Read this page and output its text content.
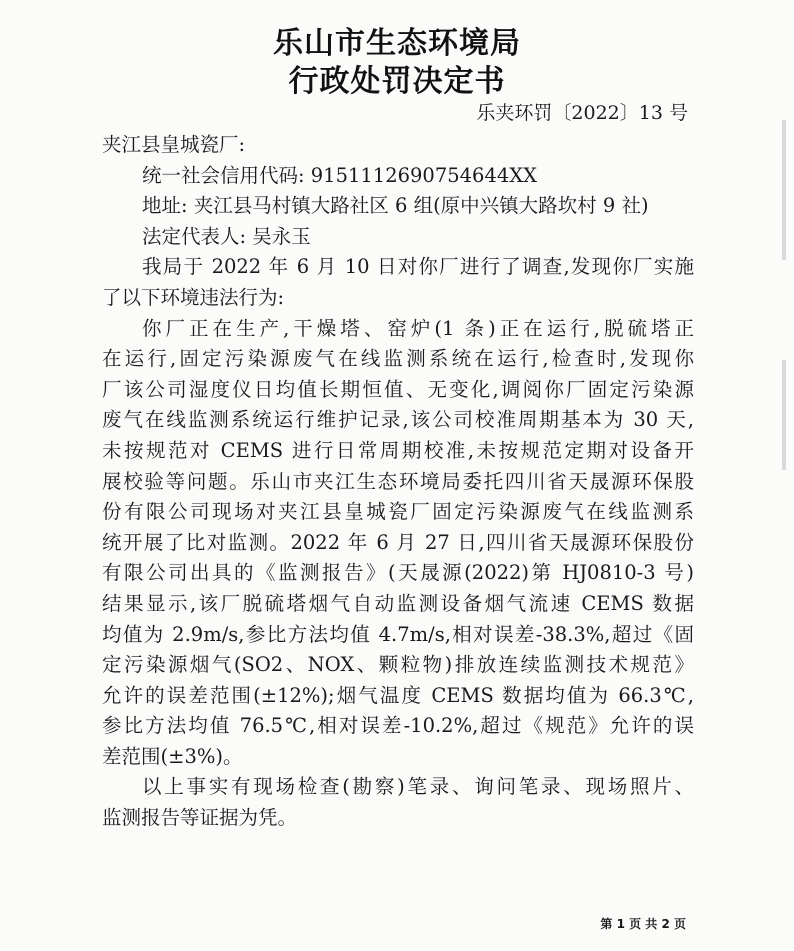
乐山市生态环境局
行政处罚决定书
乐夹环罚〔2022〕13 号
夹江县皇城瓷厂:
统一社会信用代码: 9151112690754644XX
地址: 夹江县马村镇大路社区 6 组(原中兴镇大路坎村 9 社)
法定代表人: 吴永玉
我局于 2022 年 6 月 10 日对你厂进行了调查,发现你厂实施
了以下环境违法行为:
你厂正在生产,干燥塔、窑炉(1 条)正在运行,脱硫塔正
在运行,固定污染源废气在线监测系统在运行,检查时,发现你
厂该公司湿度仪日均值长期恒值、无变化,调阅你厂固定污染源
废气在线监测系统运行维护记录,该公司校准周期基本为 30 天,
未按规范对 CEMS 进行日常周期校准,未按规范定期对设备开
展校验等问题。乐山市夹江生态环境局委托四川省天晟源环保股
份有限公司现场对夹江县皇城瓷厂固定污染源废气在线监测系
统开展了比对监测。2022 年 6 月 27 日,四川省天晟源环保股份
有限公司出具的《监测报告》(天晟源(2022)第 HJ0810-3 号)
结果显示,该厂脱硫塔烟气自动监测设备烟气流速 CEMS 数据
均值为 2.9m/s,参比方法均值 4.7m/s,相对误差-38.3%,超过《固
定污染源烟气(SO2、NOX、颗粒物)排放连续监测技术规范》
允许的误差范围(±12%);烟气温度 CEMS 数据均值为 66.3℃,
参比方法均值 76.5℃,相对误差-10.2%,超过《规范》允许的误
差范围(±3%)。
以上事实有现场检查(勘察)笔录、询问笔录、现场照片、
监测报告等证据为凭。
第 1 页 共 2 页
